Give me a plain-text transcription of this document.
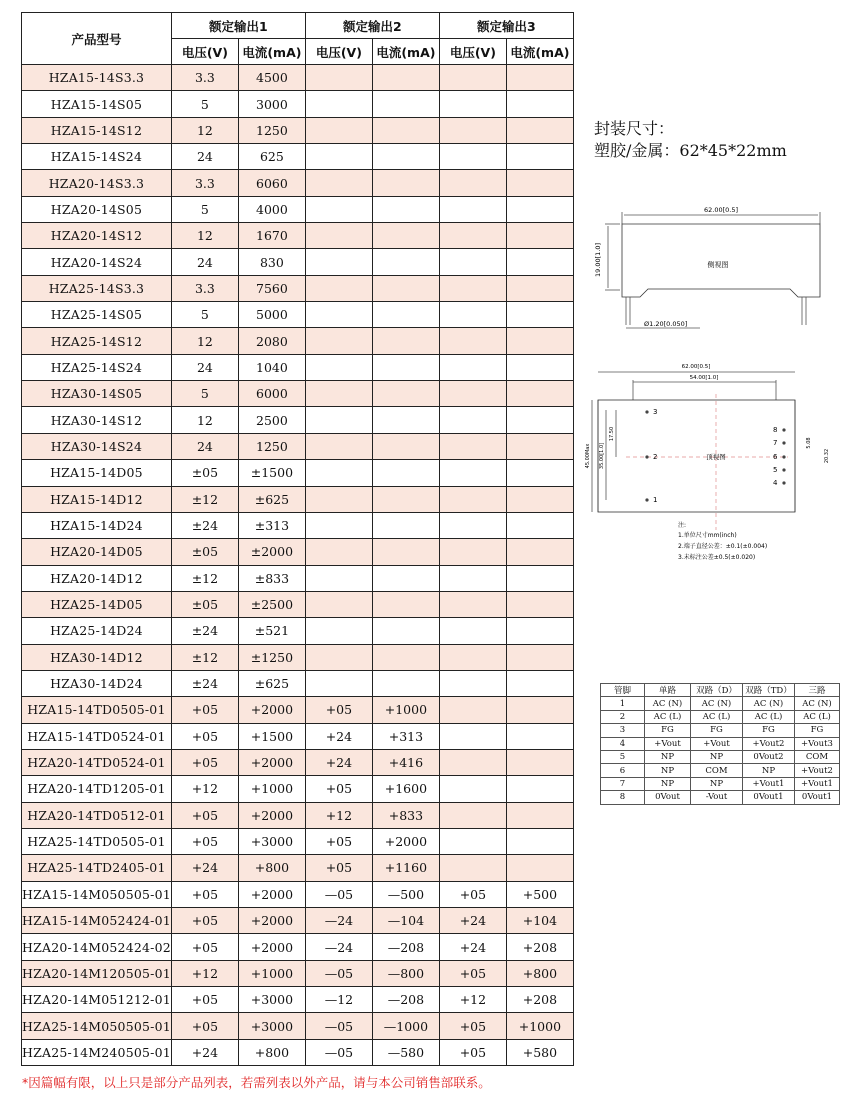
产品型号	额定输出1		额定输出2		额定输出3	
	电压(V)	电流(mA)	电压(V)	电流(mA)	电压(V)	电流(mA)
HZA15-14S3.3	3.3	4500				
HZA15-14S05	5	3000				
HZA15-14S12	12	1250				
HZA15-14S24	24	625				
HZA20-14S3.3	3.3	6060				
HZA20-14S05	5	4000				
HZA20-14S12	12	1670				
HZA20-14S24	24	830				
HZA25-14S3.3	3.3	7560				
HZA25-14S05	5	5000				
HZA25-14S12	12	2080				
HZA25-14S24	24	1040				
HZA30-14S05	5	6000				
HZA30-14S12	12	2500				
HZA30-14S24	24	1250				
HZA15-14D05	±05	±1500				
HZA15-14D12	±12	±625				
HZA15-14D24	±24	±313				
HZA20-14D05	±05	±2000				
HZA20-14D12	±12	±833				
HZA25-14D05	±05	±2500				
HZA25-14D24	±24	±521				
HZA30-14D12	±12	±1250				
HZA30-14D24	±24	±625				
HZA15-14TD0505-01	+05	+2000	+05	+1000		
HZA15-14TD0524-01	+05	+1500	+24	+313		
HZA20-14TD0524-01	+05	+2000	+24	+416		
HZA20-14TD1205-01	+12	+1000	+05	+1600		
HZA20-14TD0512-01	+05	+2000	+12	+833		
HZA25-14TD0505-01	+05	+3000	+05	+2000		
HZA25-14TD2405-01	+24	+800	+05	+1160		
HZA15-14M050505-01	+05	+2000	—05	—500	+05	+500
HZA15-14M052424-01	+05	+2000	—24	—104	+24	+104
HZA20-14M052424-02	+05	+2000	—24	—208	+24	+208
HZA20-14M120505-01	+12	+1000	—05	—800	+05	+800
HZA20-14M051212-01	+05	+3000	—12	—208	+12	+208
HZA25-14M050505-01	+05	+3000	—05	—1000	+05	+1000
HZA25-14M240505-01	+24	+800	—05	—580	+05	+580
*因篇幅有限，以上只是部分产品列表，若需列表以外产品，请与本公司销售部联系。
封装尺寸：
塑胶/金属：62*45*22mm
62.00[0.5]
侧视图
19.00[1.0]
Ø1.20[0.050]
3
2
1
8
7
6
5
4
62.00[0.5]
54.00[1.0]
顶视图
45.00Max 35.00[1.0]
17.50
5.08
20.32
注:
1.单位尺寸mm(inch)
2.端子直径公差：±0.1(±0.004)
3.未标注公差±0.5(±0.020)
管脚	单路	双路（D）	双路（TD）	三路
1	AC (N)	AC (N)	AC (N)	AC (N)
2	AC (L)	AC (L)	AC (L)	AC (L)
3	FG	FG	FG	FG
4	+Vout	+Vout	+Vout2	+Vout3
5	NP	NP	0Vout2	COM
6	NP	COM	NP	+Vout2
7	NP	NP	+Vout1	+Vout1
8	0Vout	-Vout	0Vout1	0Vout1
